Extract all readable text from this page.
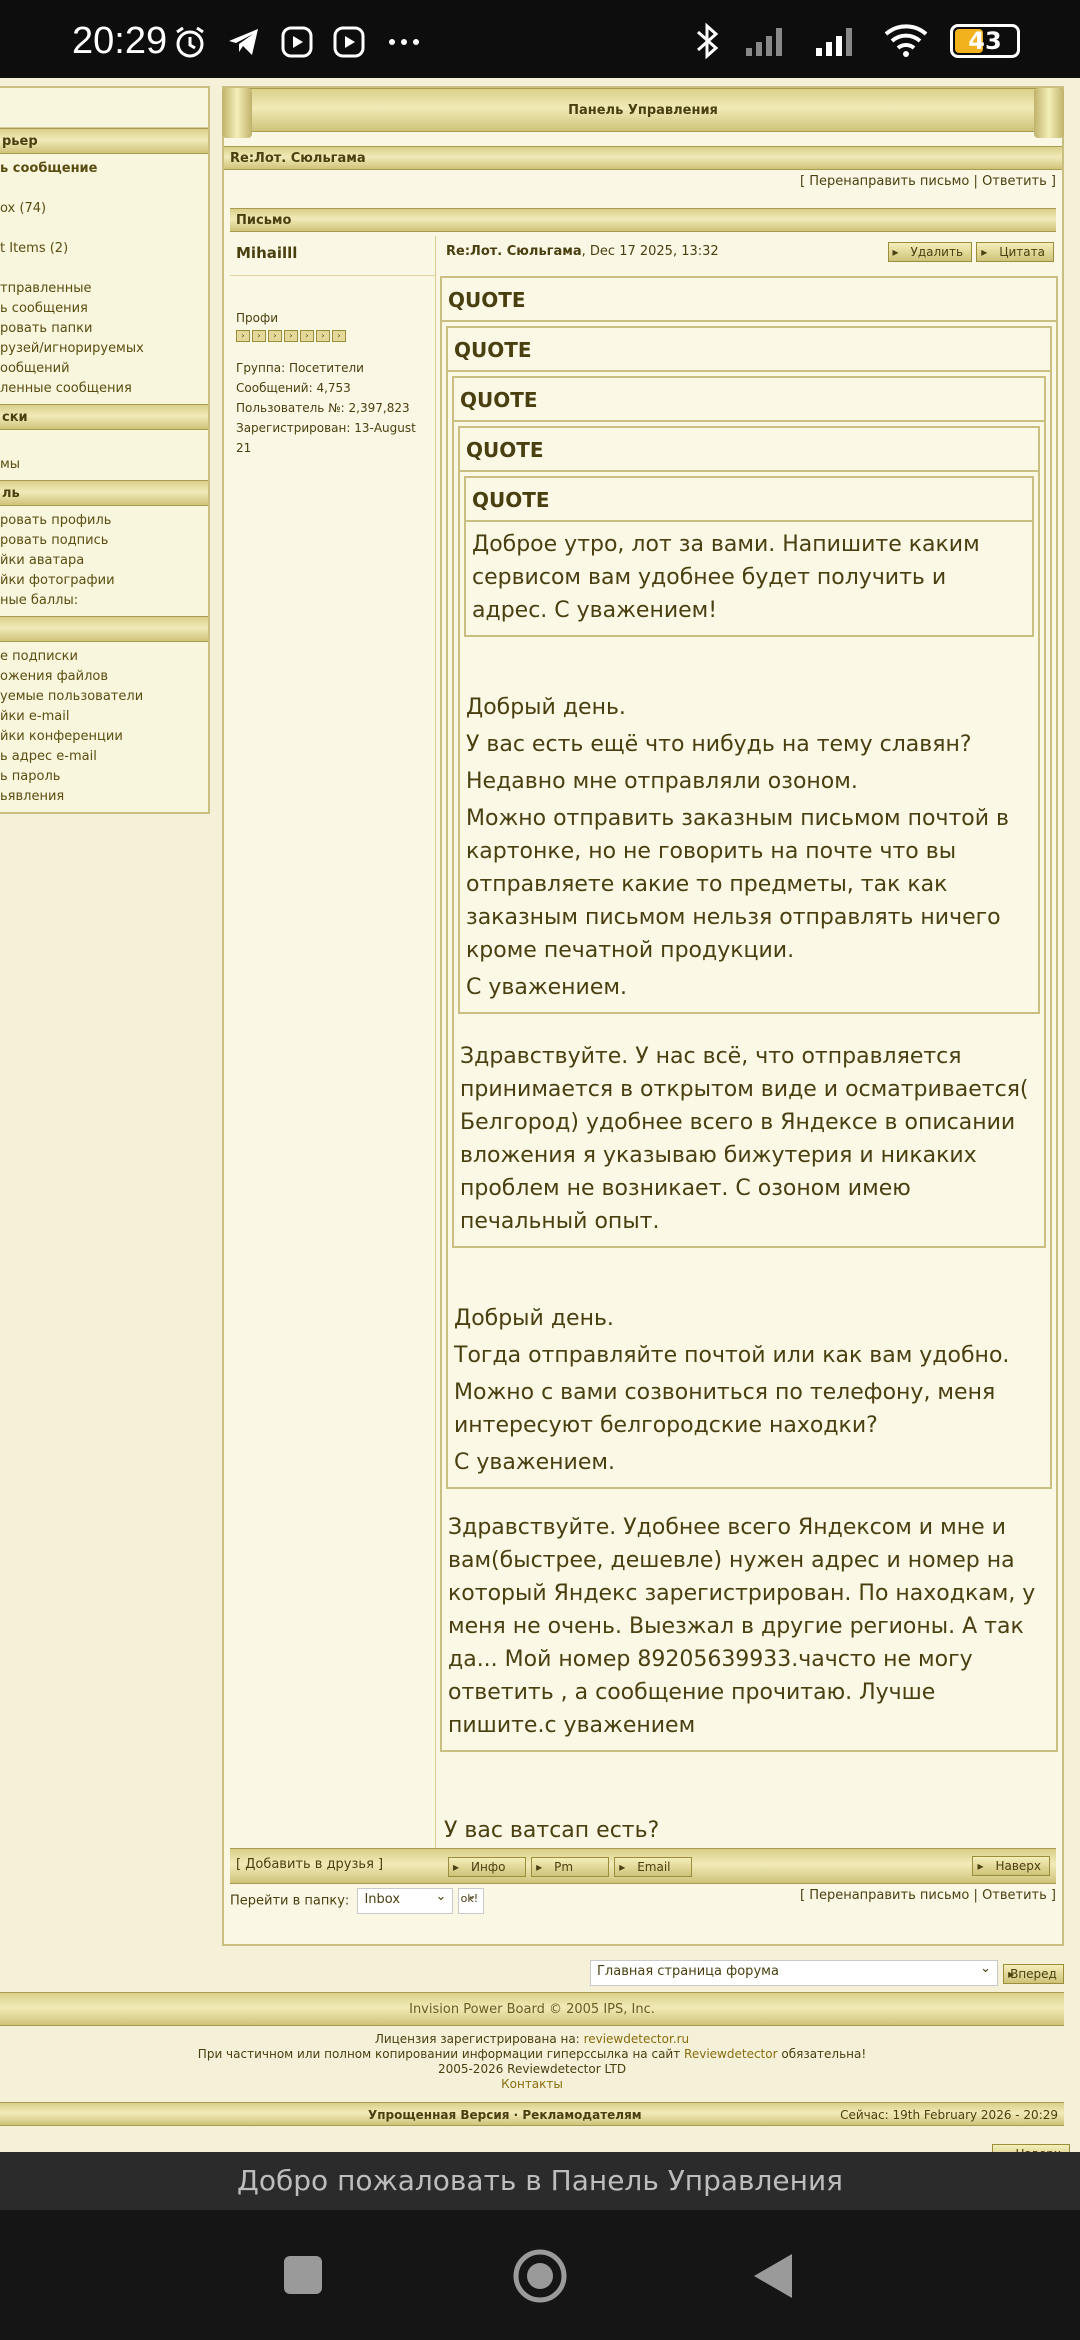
20:29	43
рьер
ь сообщение
ox (74)
t Items (2)
тправленные
ь сообщения
ровать папки
рузей/игнорируемых
ообщений
ленные сообщения
ски
мы
ль
ровать профиль
ровать подпись
йки аватара
йки фотографии
ные баллы:
е подписки
ожения файлов
уемые пользователи
йки e-mail
йки конференции
ь адрес e-mail
ь пароль
ьявления
Панель Управления
Re:Лот. Сюльгама
[ Перенаправить письмо | Ответить ]
Письмо
Mihailll
Профи
›	›	›	›	›	›	›
Группа: Посетители
Сообщений: 4,753
Пользователь №: 2,397,823
Зарегистрирован: 13-August 21
Re:Лот. Сюльгама, Dec 17 2025, 13:32	▸ Удалить	▸ Цитата
QUOTE
QUOTE
QUOTE
QUOTE
QUOTE
Доброе утро, лот за вами. Напишите каким сервисом вам удобнее будет получить и адрес. С уважением!
Добрый день.
У вас есть ещё что нибудь на тему славян?
Недавно мне отправляли озоном.
Можно отправить заказным письмом почтой в картонке, но не говорить на почте что вы отправляете какие то предметы, так как заказным письмом нельзя отправлять ничего кроме печатной продукции.
С уважением.
Здравствуйте. У нас всё, что отправляется принимается в открытом виде и осматривается( Белгород) удобнее всего в Яндексе в описании вложения я указываю бижутерия и никаких проблем не возникает. С озоном имею печальный опыт.
Добрый день.
Тогда отправляйте почтой или как вам удобно.
Можно с вами созвониться по телефону, меня интересуют белгородские находки?
С уважением.
Здравствуйте. Удобнее всего Яндексом и мне и вам(быстрее, дешевле) нужен адрес и номер на который Яндекс зарегистрирован. По находкам, у меня не очень. Выезжал в другие регионы. А так да... Мой номер 89205639933.чачсто не могу ответить , а сообщение прочитаю. Лучше пишите.с уважением
У вас ватсап есть?
[ Добавить в друзья ]	▸ Инфо	▸ Pm	▸ Email	▸ Наверх
Перейти в папку: Inbox ⌄	ok! ⌄	[ Перенаправить письмо | Ответить ]
Главная страница форума ⌄	▸ Вперед
Invision Power Board © 2005 IPS, Inc.
Лицензия зарегистрирована на: reviewdetector.ru
При частичном или полном копировании информации гиперссылка на сайт Reviewdetector обязательна!
2005-2026 Reviewdetector LTD
Контакты
Упрощенная Версия · Рекламодателям	Сейчас: 19th February 2026 - 20:29
▸
Добро пожаловать в Панель Управления
